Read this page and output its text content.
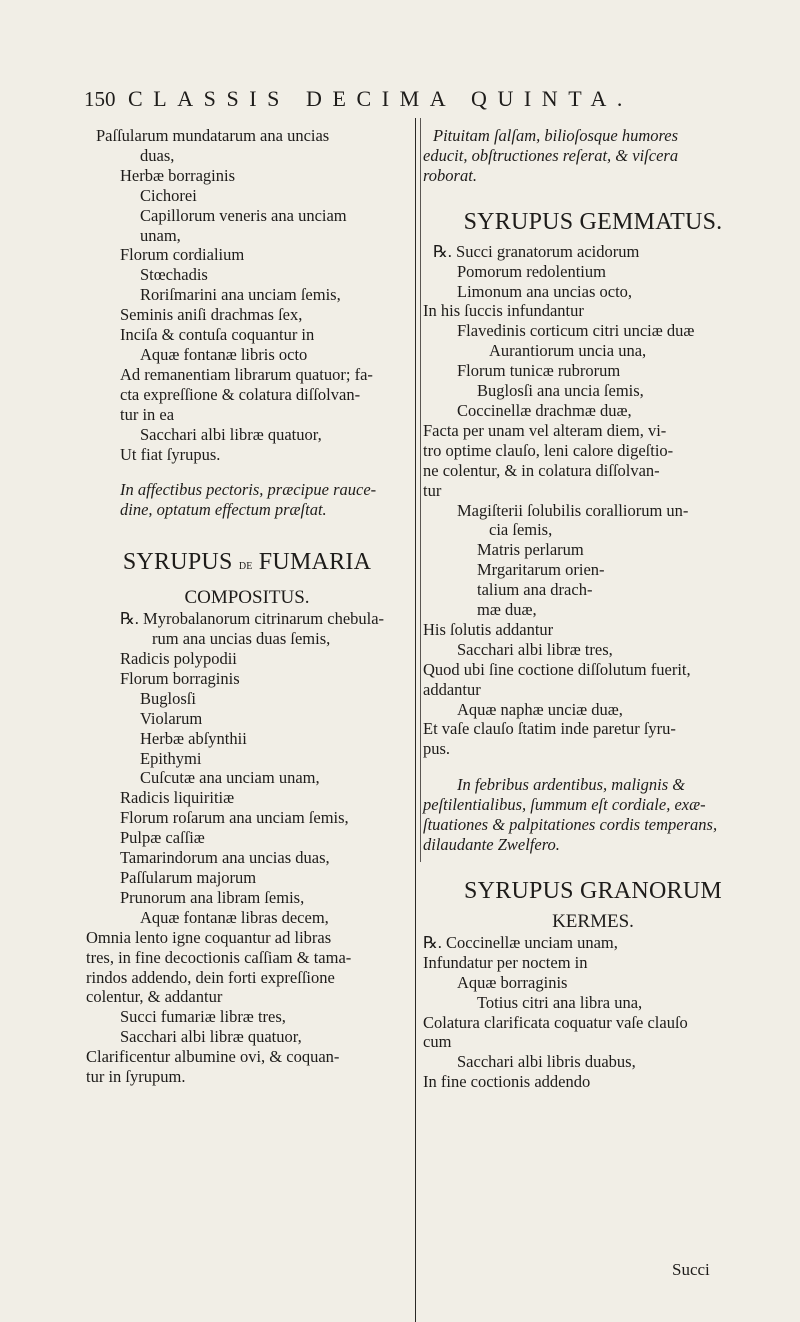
150 CLASSIS DECIMA QUINTA.

Paſſularum mundatarum ana uncias

duas,

Herbæ borraginis

Cichorei

Capillorum veneris ana unciam

unam,

Florum cordialium

Stœchadis

Roriſmarini ana unciam ſemis,

Seminis aniſi drachmas ſex,

Inciſa & contuſa coquantur in

Aquæ fontanæ libris octo

Ad remanentiam librarum quatuor; fa-

cta expreſſione & colatura diſſolvan-

tur in ea

Sacchari albi libræ quatuor,

Ut fiat ſyrupus.

In affectibus pectoris, præcipue rauce-

dine, optatum effectum præſtat.

SYRUPUS DE FUMARIA

COMPOSITUS.

℞. Myrobalanorum citrinarum chebula-

rum ana uncias duas ſemis,

Radicis polypodii

Florum borraginis

Buglosſi

Violarum

Herbæ abſynthii

Epithymi

Cuſcutæ ana unciam unam,

Radicis liquiritiæ

Florum roſarum ana unciam ſemis,

Pulpæ caſſiæ

Tamarindorum ana uncias duas,

Paſſularum majorum

Prunorum ana libram ſemis,

Aquæ fontanæ libras decem,

Omnia lento igne coquantur ad libras

tres, in fine decoctionis caſſiam & tama-

rindos addendo, dein forti expreſſione

colentur, & addantur

Succi fumariæ libræ tres,

Sacchari albi libræ quatuor,

Clarificentur albumine ovi, & coquan-

tur in ſyrupum.

Pituitam ſalſam, bilioſosque humores

educit, obſtructiones reſerat, & viſcera

roborat.

SYRUPUS GEMMATUS.

℞. Succi granatorum acidorum

Pomorum redolentium

Limonum ana uncias octo,

In his ſuccis infundantur

Flavedinis corticum citri unciæ duæ

Aurantiorum uncia una,

Florum tunicæ rubrorum

Buglosſi ana uncia ſemis,

Coccinellæ drachmæ duæ,

Facta per unam vel alteram diem, vi-

tro optime clauſo, leni calore digeſtio-

ne colentur, & in colatura diſſolvan-

tur

Magiſterii ſolubilis coralliorum un-

cia ſemis,

Matris perlarum

Mrgaritarum orien-

talium ana drach-

mæ duæ,

His ſolutis addantur

Sacchari albi libræ tres,

Quod ubi ſine coctione diſſolutum fuerit,

addantur

Aquæ naphæ unciæ duæ,

Et vaſe clauſo ſtatim inde paretur ſyru-

pus.

In febribus ardentibus, malignis &

peſtilentialibus, ſummum eſt cordiale, exæ-

ſtuationes & palpitationes cordis temperans,

dilaudante Zwelfero.

SYRUPUS GRANORUM

KERMES.

℞. Coccinellæ unciam unam,

Infundatur per noctem in

Aquæ borraginis

Totius citri ana libra una,

Colatura clarificata coquatur vaſe clauſo

cum

Sacchari albi libris duabus,

In fine coctionis addendo

Succi
